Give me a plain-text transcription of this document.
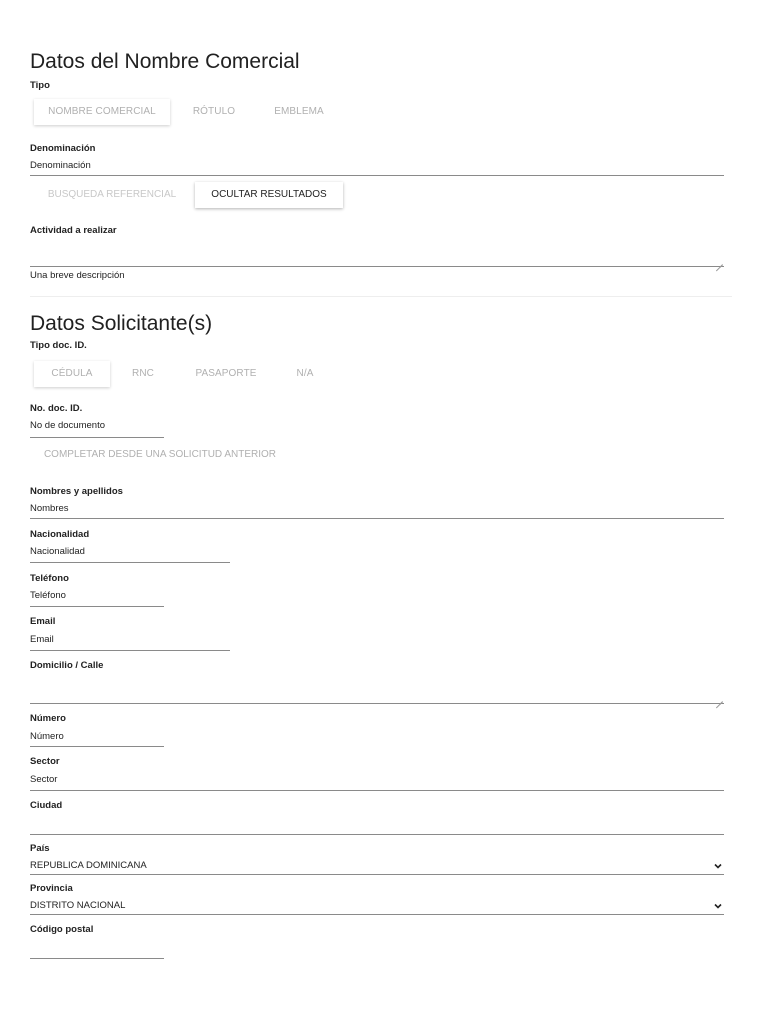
Datos del Nombre Comercial
Tipo
NOMBRE COMERCIAL	RÓTULO	EMBLEMA
Denominación
Denominación
BUSQUEDA REFERENCIAL	OCULTAR RESULTADOS
Actividad a realizar
Una breve descripción
Datos Solicitante(s)
Tipo doc. ID.
CÉDULA	RNC	PASAPORTE	N/A
No. doc. ID.
No de documento
COMPLETAR DESDE UNA SOLICITUD ANTERIOR
Nombres y apellidos
Nombres
Nacionalidad
Nacionalidad
Teléfono
Teléfono
Email
Email
Domicilio / Calle
Número
Número
Sector
Sector
Ciudad
País
REPUBLICA DOMINICANA
Provincia
DISTRITO NACIONAL
Código postal
